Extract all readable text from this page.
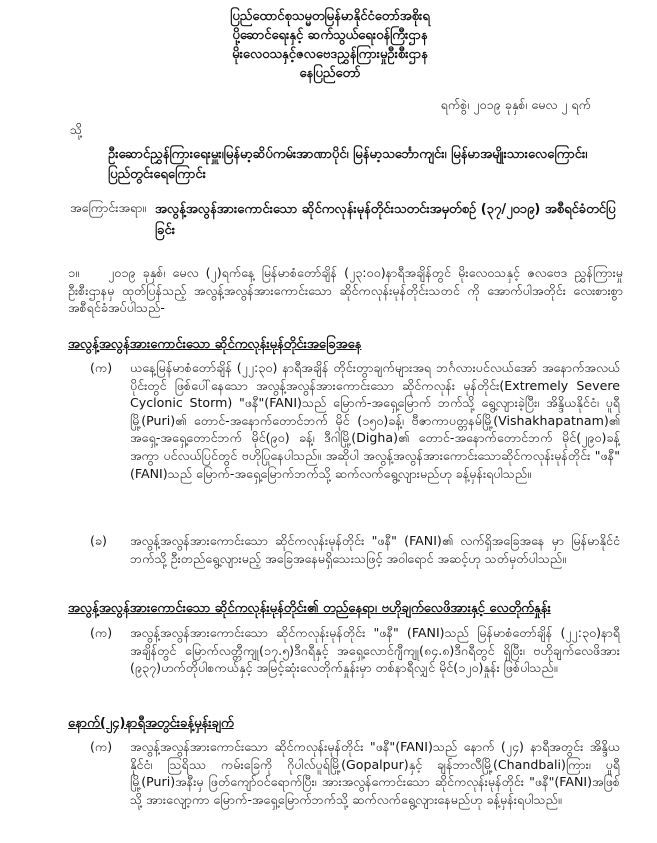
ပြည်ထောင်စုသမ္မတမြန်မာနိုင်ငံတော်အစိုးရ
ပို့ဆောင်ရေးနှင့် ဆက်သွယ်ရေးဝန်ကြီးဌာန
မိုးလေဝသနှင့်ဇလဗေဒညွှန်ကြားမှုဦးစီးဌာန
နေပြည်တော်
ရက်စွဲ၊ ၂၀၁၉ ခုနှစ်၊ မေလ ၂ ရက်
သို့
ဦးဆောင်ညွှန်ကြားရေးမှူး၊မြန်မာ့ဆိပ်ကမ်းအာဏာပိုင်၊ မြန်မာ့သင်္ဘောကျင်း၊ မြန်မာအမျိုးသားလေကြောင်း၊ ပြည်တွင်းရေကြောင်း
အကြောင်းအရာ။ အလွန့်အလွန်အားကောင်းသော ဆိုင်ကလုန်းမုန်တိုင်းသတင်းအမှတ်စဉ် (၃၇/၂၀၁၉) အစီရင်ခံတင်ပြခြင်း
၁။ ၂၀၁၉ ခုနှစ်၊ မေလ (၂)ရက်နေ့ မြန်မာစံတော်ချိန် (၂၃:၀၀)နာရီအချိန်တွင် မိုးလေဝသနှင့် ဇလဗေဒ ညွှန်ကြားမှုဦးစီးဌာနမှ ထုတ်ပြန်သည့် အလွန့်အလွန်အားကောင်းသော ဆိုင်ကလုန်းမုန်တိုင်းသတင် ကို အောက်ပါအတိုင်း လေးစားစွာ အစီရင်ခံအပ်ပါသည်-
အလွန့်အလွန်အားကောင်းသော ဆိုင်ကလုန်းမုန်တိုင်းအခြေအနေ
(က)	ယနေ့မြန်မာစံတော်ချိန် (၂၂:၃၀) နာရီအချိန် တိုင်းတွာချက်များအရ ဘင်္ဂလားပင်လယ်အော် အနောက်အလယ်ပိုင်းတွင် ဖြစ်ပေါ်နေသော အလွန့်အလွန်အားကောင်းသော ဆိုင်ကလုန်း မုန်တိုင်း(Extremely Severe Cyclonic Storm) "ဖနီ"(FANI)သည် မြောက်-အရှေ့မြောက် ဘက်သို့ ရွေ့လျားခဲ့ပြီး၊ အိန္ဒိယနိုင်ငံ၊ ပူရီမြို့(Puri)၏ တောင်-အနောက်တောင်ဘက် မိုင် (၁၅၀)ခန့်၊ ဗီဇာကာပတ္တနမ်မြို့(Vishakhapatnam)၏ အရှေ့-အရှေ့တောင်ဘက် မိုင်(၉၀) ခန့်၊ ဒီဂါမြို့(Digha)၏ တောင်-အနောက်တောင်ဘက် မိုင်(၂၉၀)ခန့်အကွာ ပင်လယ်ပြင်တွင် ဗဟိုပြုနေပါသည်။ အဆိုပါ အလွန့်အလွန်အားကောင်းသောဆိုင်ကလုန်းမုန်တိုင်း "ဖနီ" (FANI)သည် မြောက်-အရှေ့မြောက်ဘက်သို့ ဆက်လက်ရွေ့လျားမည်ဟု ခန့်မှန်းရပါသည်။
(ခ)	အလွန့်အလွန်အားကောင်းသော ဆိုင်ကလုန်းမုန်တိုင်း "ဖနီ" (FANI)၏ လက်ရှိအခြေအနေ မှာ မြန်မာနိုင်ငံဘက်သို့ ဦးတည်ရွေ့လျားမည့် အခြေအနေမရှိသေးသဖြင့် အဝါရောင် အဆင့်ဟု သတ်မှတ်ပါသည်။
အလွန့်အလွန်အားကောင်းသော ဆိုင်ကလုန်းမုန်တိုင်း၏ တည်နေရာ၊ ဗဟိုချက်လေဖိအားနှင့် လေတိုက်နှုန်း
(က)	အလွန့်အလွန်အားကောင်းသော ဆိုင်ကလုန်းမုန်တိုင်း "ဖနီ" (FANI)သည် မြန်မာစံတော်ချိန် (၂၂:၃၀)နာရီအချိန်တွင် မြောက်လတ္တီကျု(၁၇.၅)ဒီဂရီနှင့် အရှေ့လောင်ဂျီကျု(၈၄.၈)ဒီဂရီတွင် ရှိပြီး၊ ဗဟိုချက်လေဖိအား (၉၃၇)ဟက်တိုပါစကယ်နှင့် အမြင့်ဆုံးလေတိုက်နှုန်းမှာ တစ်နာရီလျှင် မိုင်(၁၂၀)နှုန်း ဖြစ်ပါသည်။
နောက်(၂၄)နာရီအတွင်းခန့်မှန်းချက်
(က)	အလွန့်အလွန်အားကောင်းသော ဆိုင်ကလုန်းမုန်တိုင်း "ဖနီ"(FANI)သည် နောက် (၂၄) နာရီအတွင်း အိန္ဒိယနိုင်ငံ၊ ဩရိဿ ကမ်းခြေကို ဂိုပါလ်ပူရ်မြို့(Gopalpur)နှင့် ချန်ဘာလီမြို့(Chandbali)ကြား၊ ပူရီမြို့(Puri)အနီးမှ ဖြတ်ကျော်ဝင်ရောက်ပြီး၊ အားအလွန်ကောင်းသော ဆိုင်ကလုန်းမုန်တိုင်း "ဖနီ"(FANI)အဖြစ်သို့ အားလျော့ကာ မြောက်-အရှေ့မြောက်ဘက်သို့ ဆက်လက်ရွေ့လျားနေမည်ဟု ခန့်မှန်းရပါသည်။
